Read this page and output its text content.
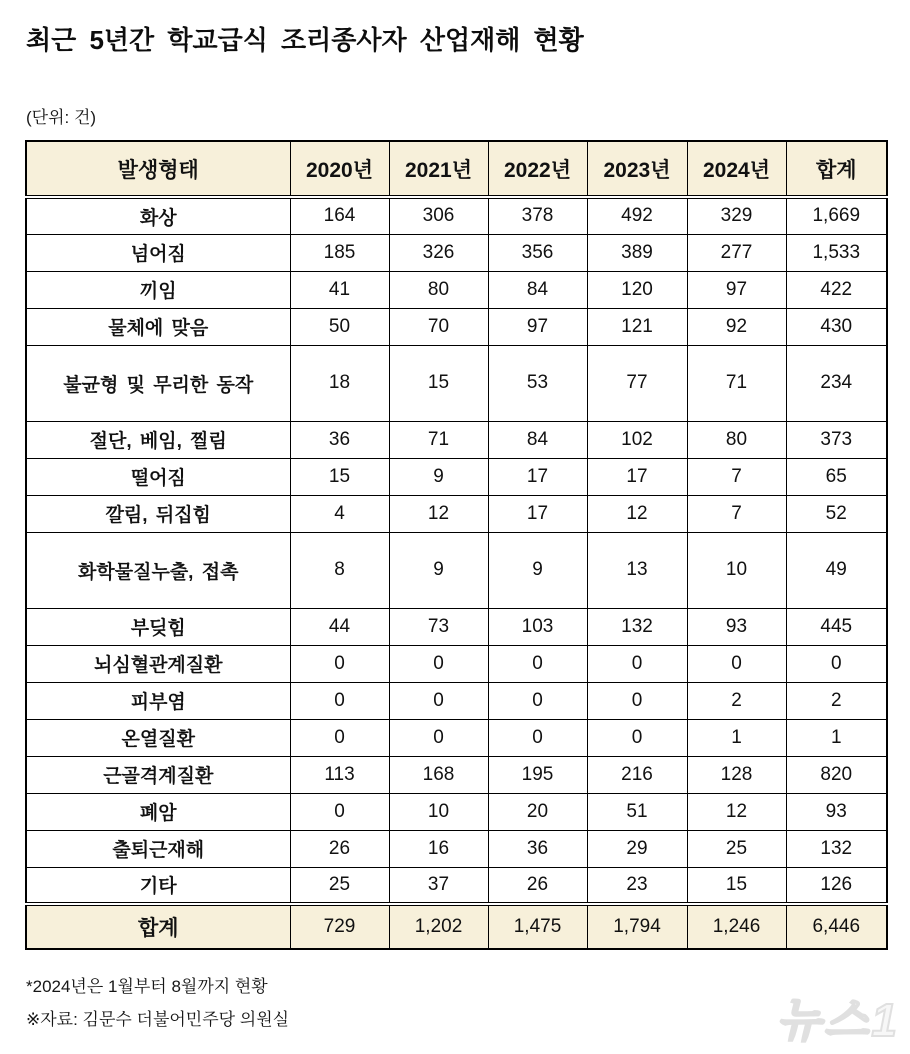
최근 5년간 학교급식 조리종사자 산업재해 현황
(단위: 건)
발생형태	2020년	2021년	2022년	2023년	2024년	합계
화상	164	306	378	492	329	1,669
넘어짐	185	326	356	389	277	1,533
끼임	41	80	84	120	97	422
물체에 맞음	50	70	97	121	92	430
불균형 및 무리한 동작	18	15	53	77	71	234
절단, 베임, 찔림	36	71	84	102	80	373
떨어짐	15	9	17	17	7	65
깔림, 뒤집힘	4	12	17	12	7	52
화학물질누출, 접촉	8	9	9	13	10	49
부딪힘	44	73	103	132	93	445
뇌심혈관계질환	0	0	0	0	0	0
피부염	0	0	0	0	2	2
온열질환	0	0	0	0	1	1
근골격계질환	113	168	195	216	128	820
폐암	0	10	20	51	12	93
출퇴근재해	26	16	36	29	25	132
기타	25	37	26	23	15	126
합계	729	1,202	1,475	1,794	1,246	6,446
*2024년은 1월부터 8월까지 현황
※자료: 김문수 더불어민주당 의원실	뉴스1
